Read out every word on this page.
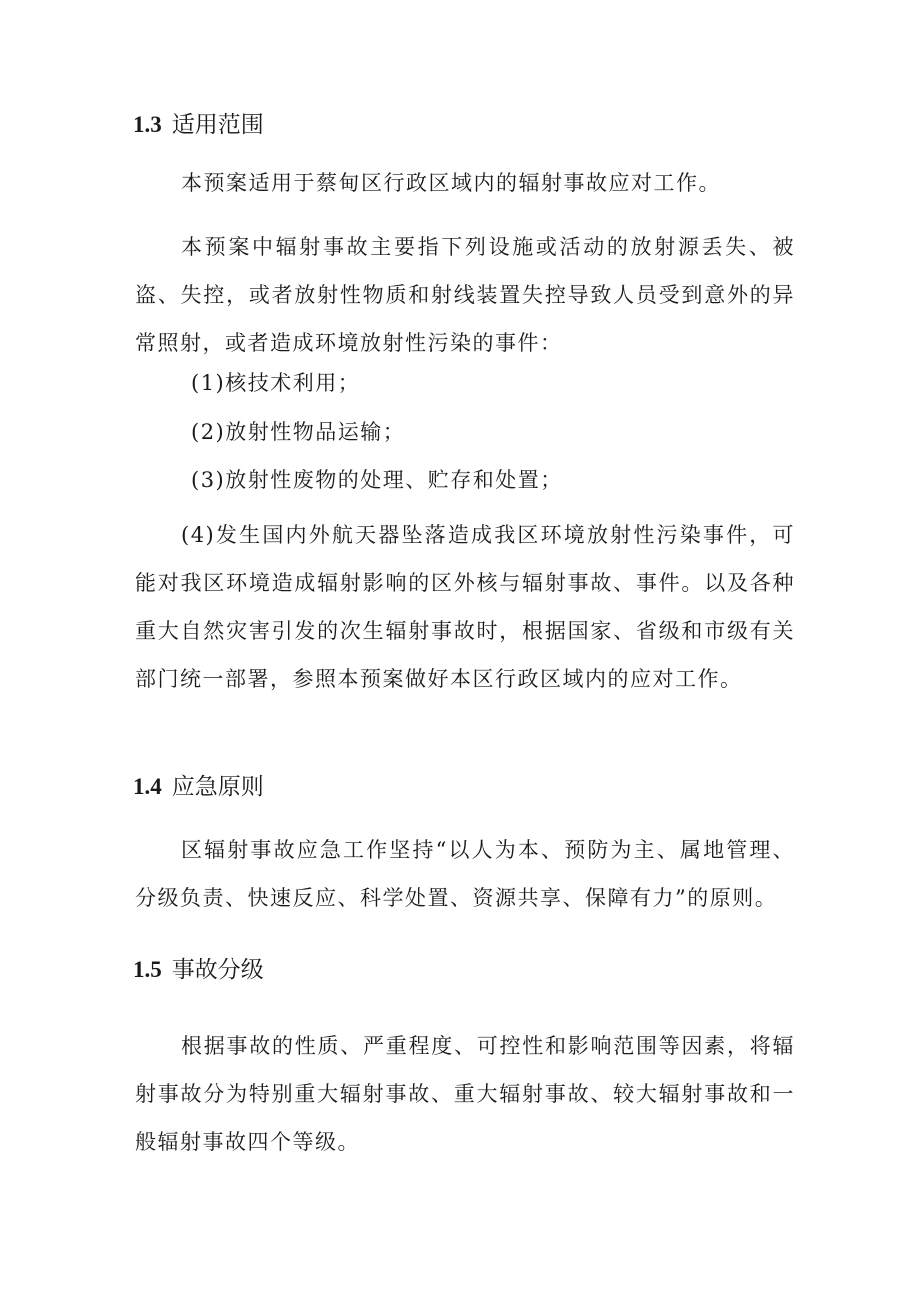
1.3 适用范围

本预案适用于蔡甸区行政区域内的辐射事故应对工作。

本预案中辐射事故主要指下列设施或活动的放射源丢失、被盗、失控，或者放射性物质和射线装置失控导致人员受到意外的异常照射，或者造成环境放射性污染的事件：

(1)核技术利用；

(2)放射性物品运输；

(3)放射性废物的处理、贮存和处置；

(4)发生国内外航天器坠落造成我区环境放射性污染事件，可能对我区环境造成辐射影响的区外核与辐射事故、事件。以及各种重大自然灾害引发的次生辐射事故时，根据国家、省级和市级有关部门统一部署，参照本预案做好本区行政区域内的应对工作。

1.4 应急原则

区辐射事故应急工作坚持“以人为本、预防为主、属地管理、分级负责、快速反应、科学处置、资源共享、保障有力”的原则。

1.5 事故分级

根据事故的性质、严重程度、可控性和影响范围等因素，将辐射事故分为特别重大辐射事故、重大辐射事故、较大辐射事故和一般辐射事故四个等级。
